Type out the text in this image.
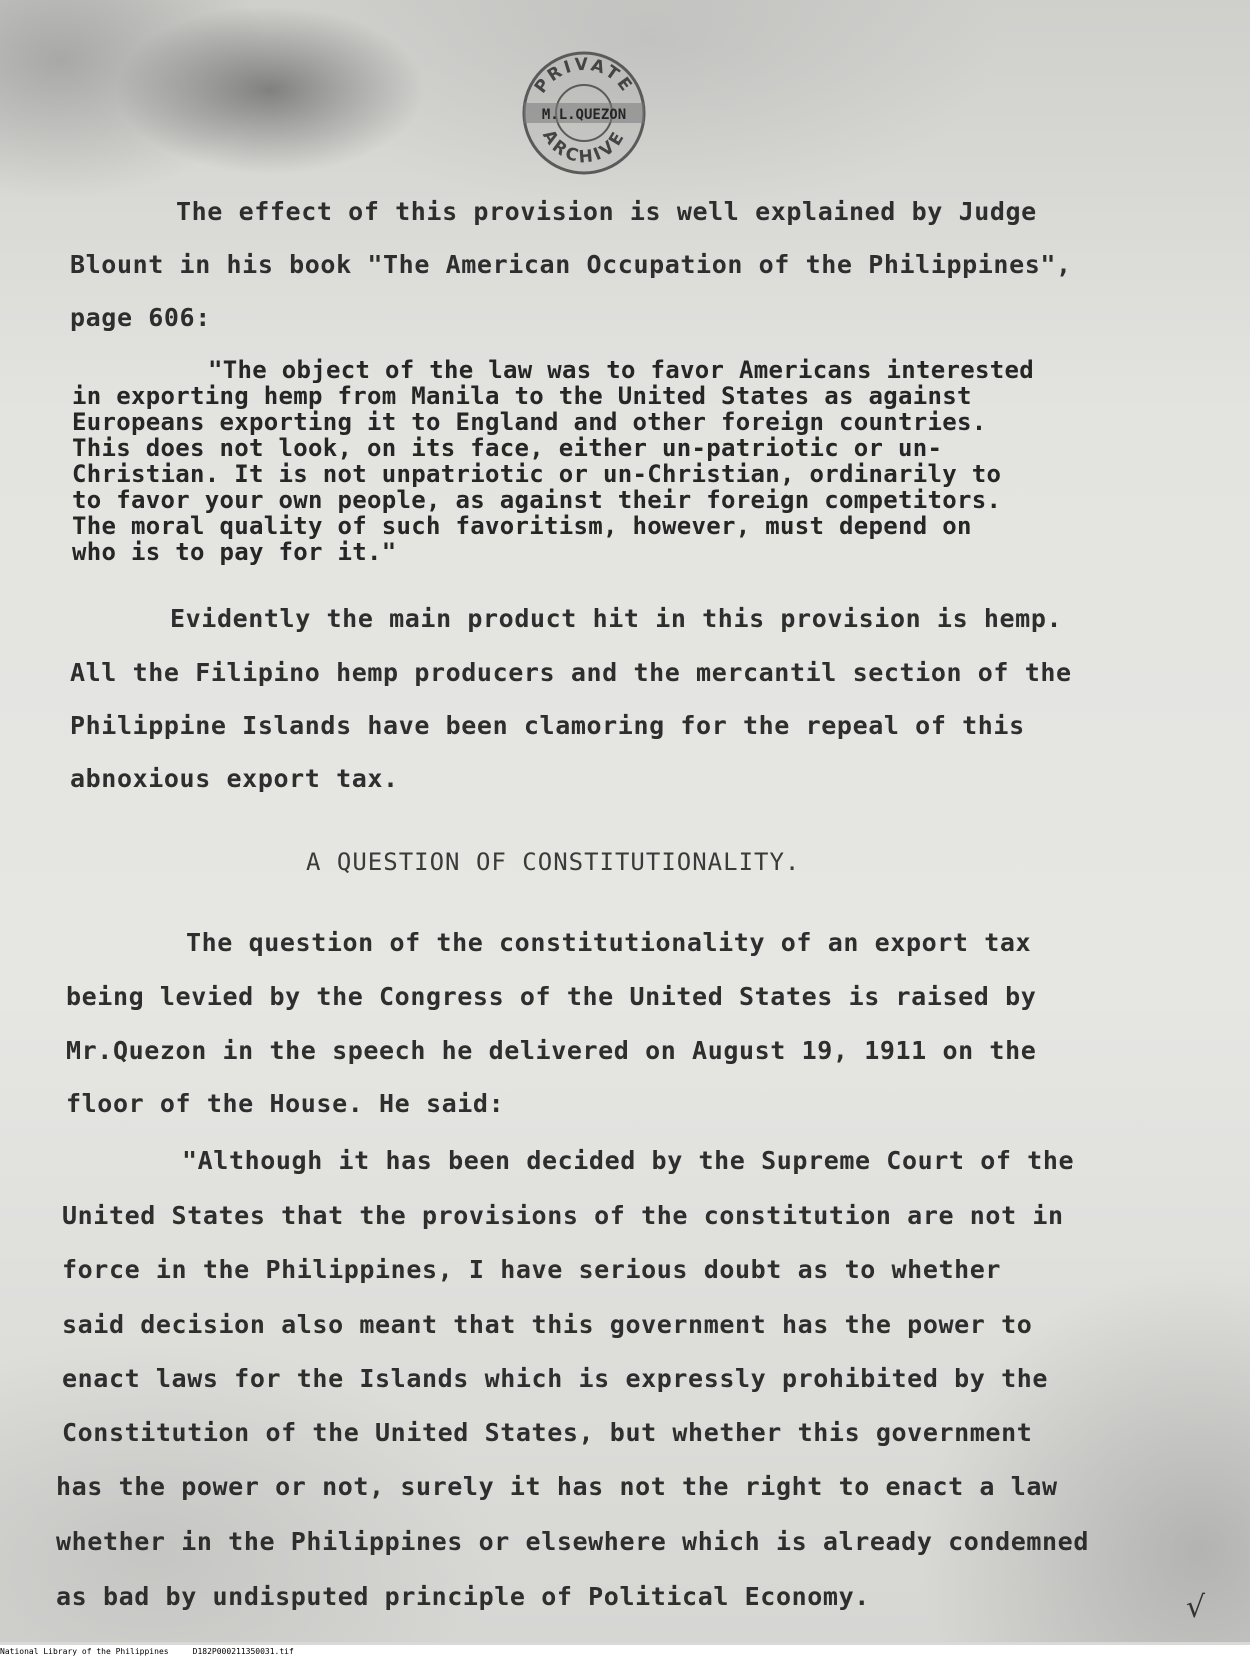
PRIVATE
M.L.QUEZON
ARCHIVE
The effect of this provision is well explained by Judge
Blount in his book "The American Occupation of the Philippines",
page 606:
"The object of the law was to favor Americans interested
in exporting hemp from Manila to the United States as against
Europeans exporting it to England and other foreign countries.
This does not look, on its face, either un-patriotic or un-
Christian. It is not unpatriotic or un-Christian, ordinarily to
to favor your own people, as against their foreign competitors.
The moral quality of such favoritism, however, must depend on
who is to pay for it."
Evidently the main product hit in this provision is hemp.
All the Filipino hemp producers and the mercantil section of the
Philippine Islands have been clamoring for the repeal of this
abnoxious export tax.
A QUESTION OF CONSTITUTIONALITY.
The question of the constitutionality of an export tax
being levied by the Congress of the United States is raised by
Mr.Quezon in the speech he delivered on August 19, 1911 on the
floor of the House. He said:
"Although it has been decided by the Supreme Court of the
United States that the provisions of the constitution are not in
force in the Philippines, I have serious doubt as to whether
said decision also meant that this government has the power to
enact laws for the Islands which is expressly prohibited by the
Constitution of the United States, but whether this government
has the power or not, surely it has not the right to enact a law
whether in the Philippines or elsewhere which is already condemned
as bad by undisputed principle of Political Economy.	√
National Library of the Philippines     D182P000211350031.tif
